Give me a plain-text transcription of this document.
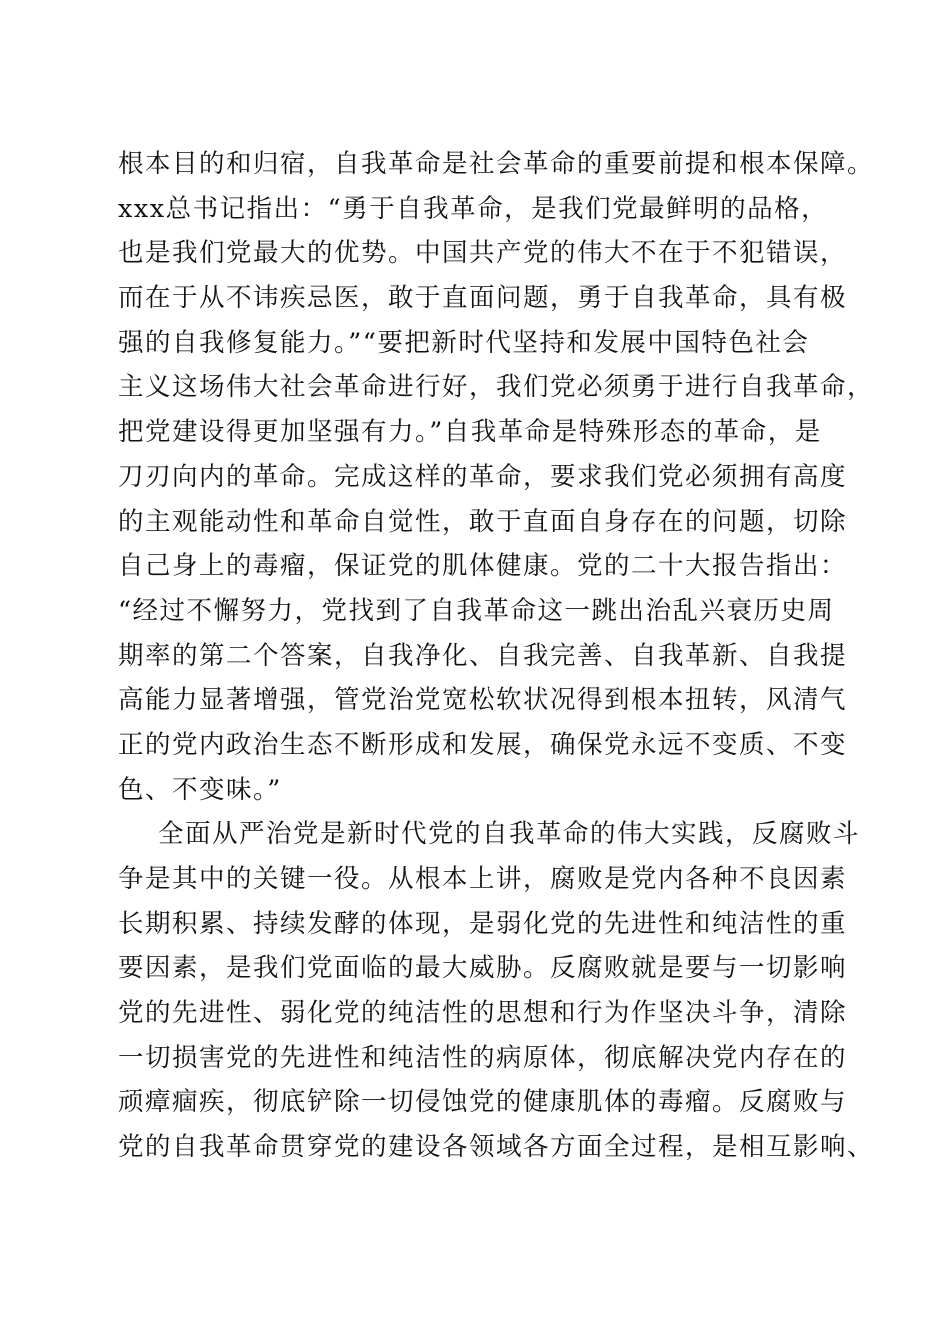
根本目的和归宿，自我革命是社会革命的重要前提和根本保障。
xxx总书记指出：“勇于自我革命，是我们党最鲜明的品格，
也是我们党最大的优势。中国共产党的伟大不在于不犯错误，
而在于从不讳疾忌医，敢于直面问题，勇于自我革命，具有极
强的自我修复能力。”“要把新时代坚持和发展中国特色社会
主义这场伟大社会革命进行好，我们党必须勇于进行自我革命，
把党建设得更加坚强有力。”自我革命是特殊形态的革命，是
刀刃向内的革命。完成这样的革命，要求我们党必须拥有高度
的主观能动性和革命自觉性，敢于直面自身存在的问题，切除
自己身上的毒瘤，保证党的肌体健康。党的二十大报告指出：
“经过不懈努力，党找到了自我革命这一跳出治乱兴衰历史周
期率的第二个答案，自我净化、自我完善、自我革新、自我提
高能力显著增强，管党治党宽松软状况得到根本扭转，风清气
正的党内政治生态不断形成和发展，确保党永远不变质、不变
色、不变味。”
全面从严治党是新时代党的自我革命的伟大实践，反腐败斗
争是其中的关键一役。从根本上讲，腐败是党内各种不良因素
长期积累、持续发酵的体现，是弱化党的先进性和纯洁性的重
要因素，是我们党面临的最大威胁。反腐败就是要与一切影响
党的先进性、弱化党的纯洁性的思想和行为作坚决斗争，清除
一切损害党的先进性和纯洁性的病原体，彻底解决党内存在的
顽瘴痼疾，彻底铲除一切侵蚀党的健康肌体的毒瘤。反腐败与
党的自我革命贯穿党的建设各领域各方面全过程，是相互影响、
